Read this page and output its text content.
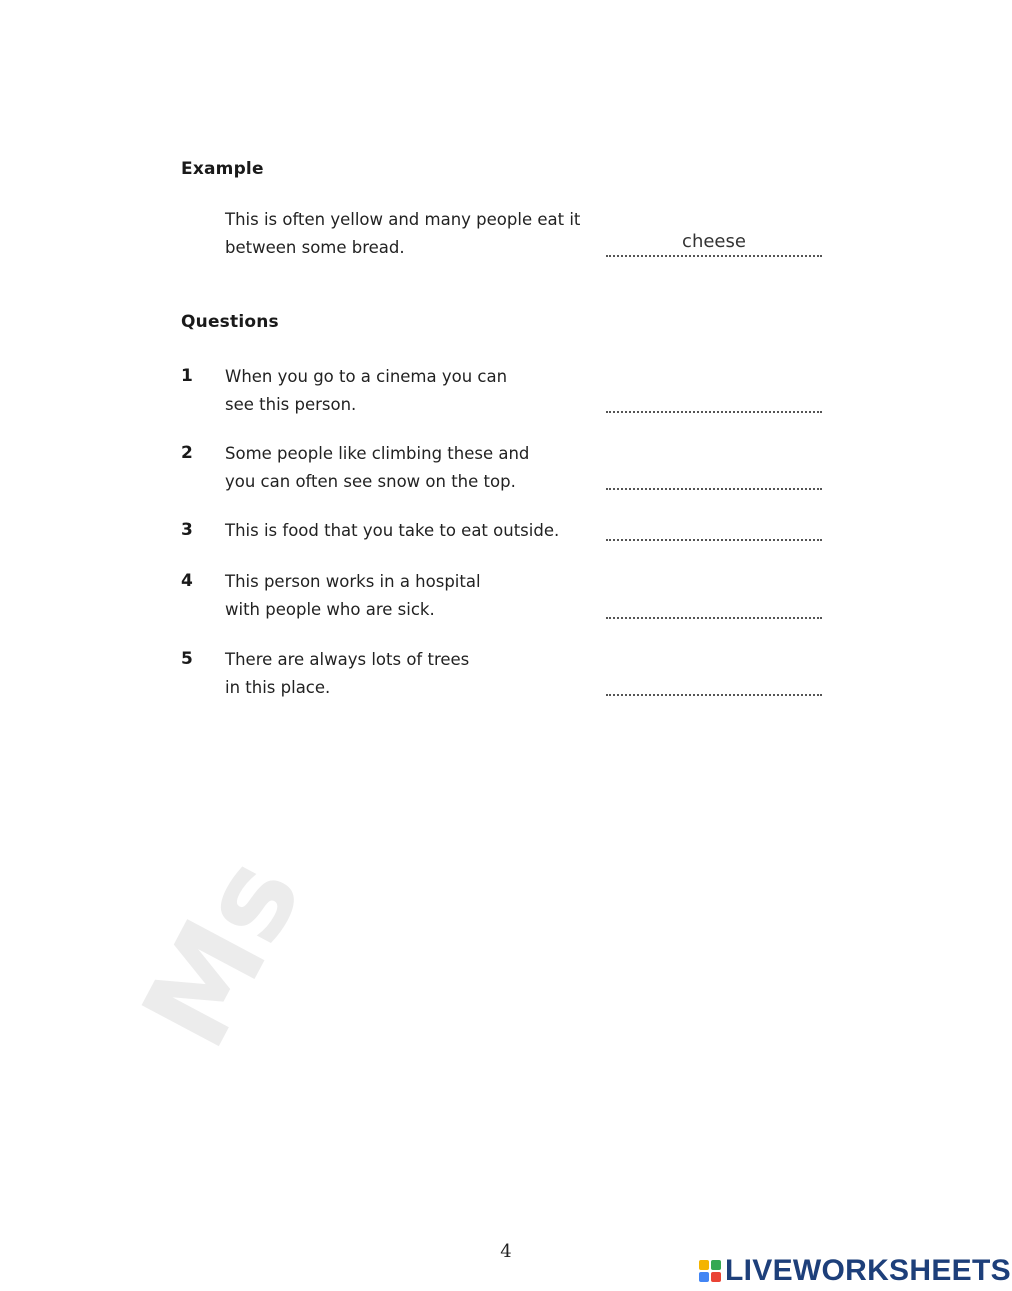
Ms
Example
This is often yellow and many people eat it
between some bread.	cheese
Questions
1 When you go to a cinema you can
see this person.
2 Some people like climbing these and
you can often see snow on the top.
3 This is food that you take to eat outside.
4 This person works in a hospital
with people who are sick.
5 There are always lots of trees
in this place.
4
LIVEWORKSHEETS
